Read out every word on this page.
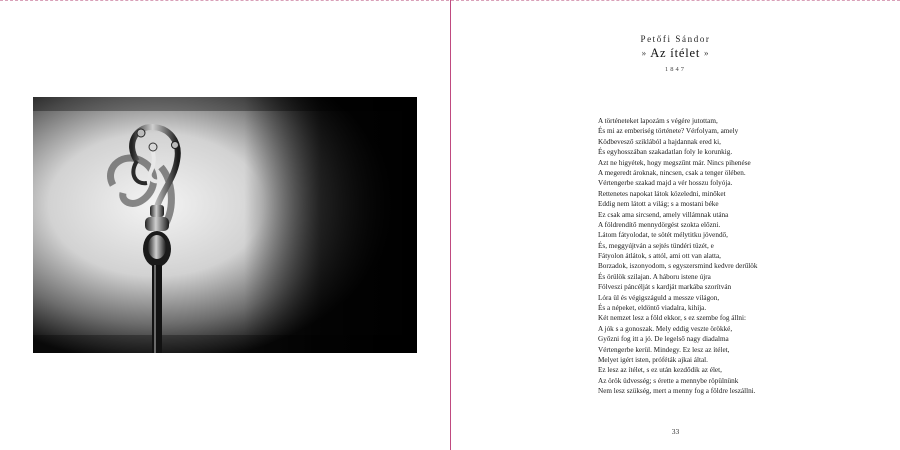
Petőfi Sándor
» Az ítélet »
1847
A történeteket lapozám s végére jutottam,
És mi az emberiség története? Vérfolyam, amely
Ködbevesző sziklából a hajdannak ered ki,
És egyhosszában szakadatlan foly le korunkig.
Azt ne higyétek, hogy megszűnt már. Nincs pihenése
A megeredt ároknak, nincsen, csak a tenger ölében.
Vértengerbe szakad majd a vér hosszu folyója.
Rettenetes napokat látok közeledni, minőket
Eddig nem látott a világ; s a mostani béke
Ez csak ama sircsend, amely villámnak utána
A földrendítő mennydörgést szokta előzni.
Látom fátyolodat, te sötét mélytitku jövendő,
És, meggyújtván a sejtés tündéri tüzét, e
Fátyolon átlátok, s attól, ami ott van alatta,
Borzadok, iszonyodom, s egyszersmind kedvre derűlök
És örülök szilajan. A háboru istene újra
Fölveszi páncélját s kardját markába szorítván
Lóra ül és végigszáguld a messze világon,
És a népeket, eldöntő viadalra, kihíja.
Két nemzet lesz a föld ekkor, s ez szembe fog állni:
A jók s a gonoszak. Mely eddig veszte örökké,
Győzni fog itt a jó. De legelső nagy diadalma
Vértengerbe kerül. Mindegy. Ez lesz az ítélet,
Melyet igért isten, próféták ajkai által.
Ez lesz az ítélet, s ez után kezdődik az élet,
Az örök üdvesség; s érette a mennybe röpülnünk
Nem lesz szükség, mert a menny fog a földre leszállni.
33
